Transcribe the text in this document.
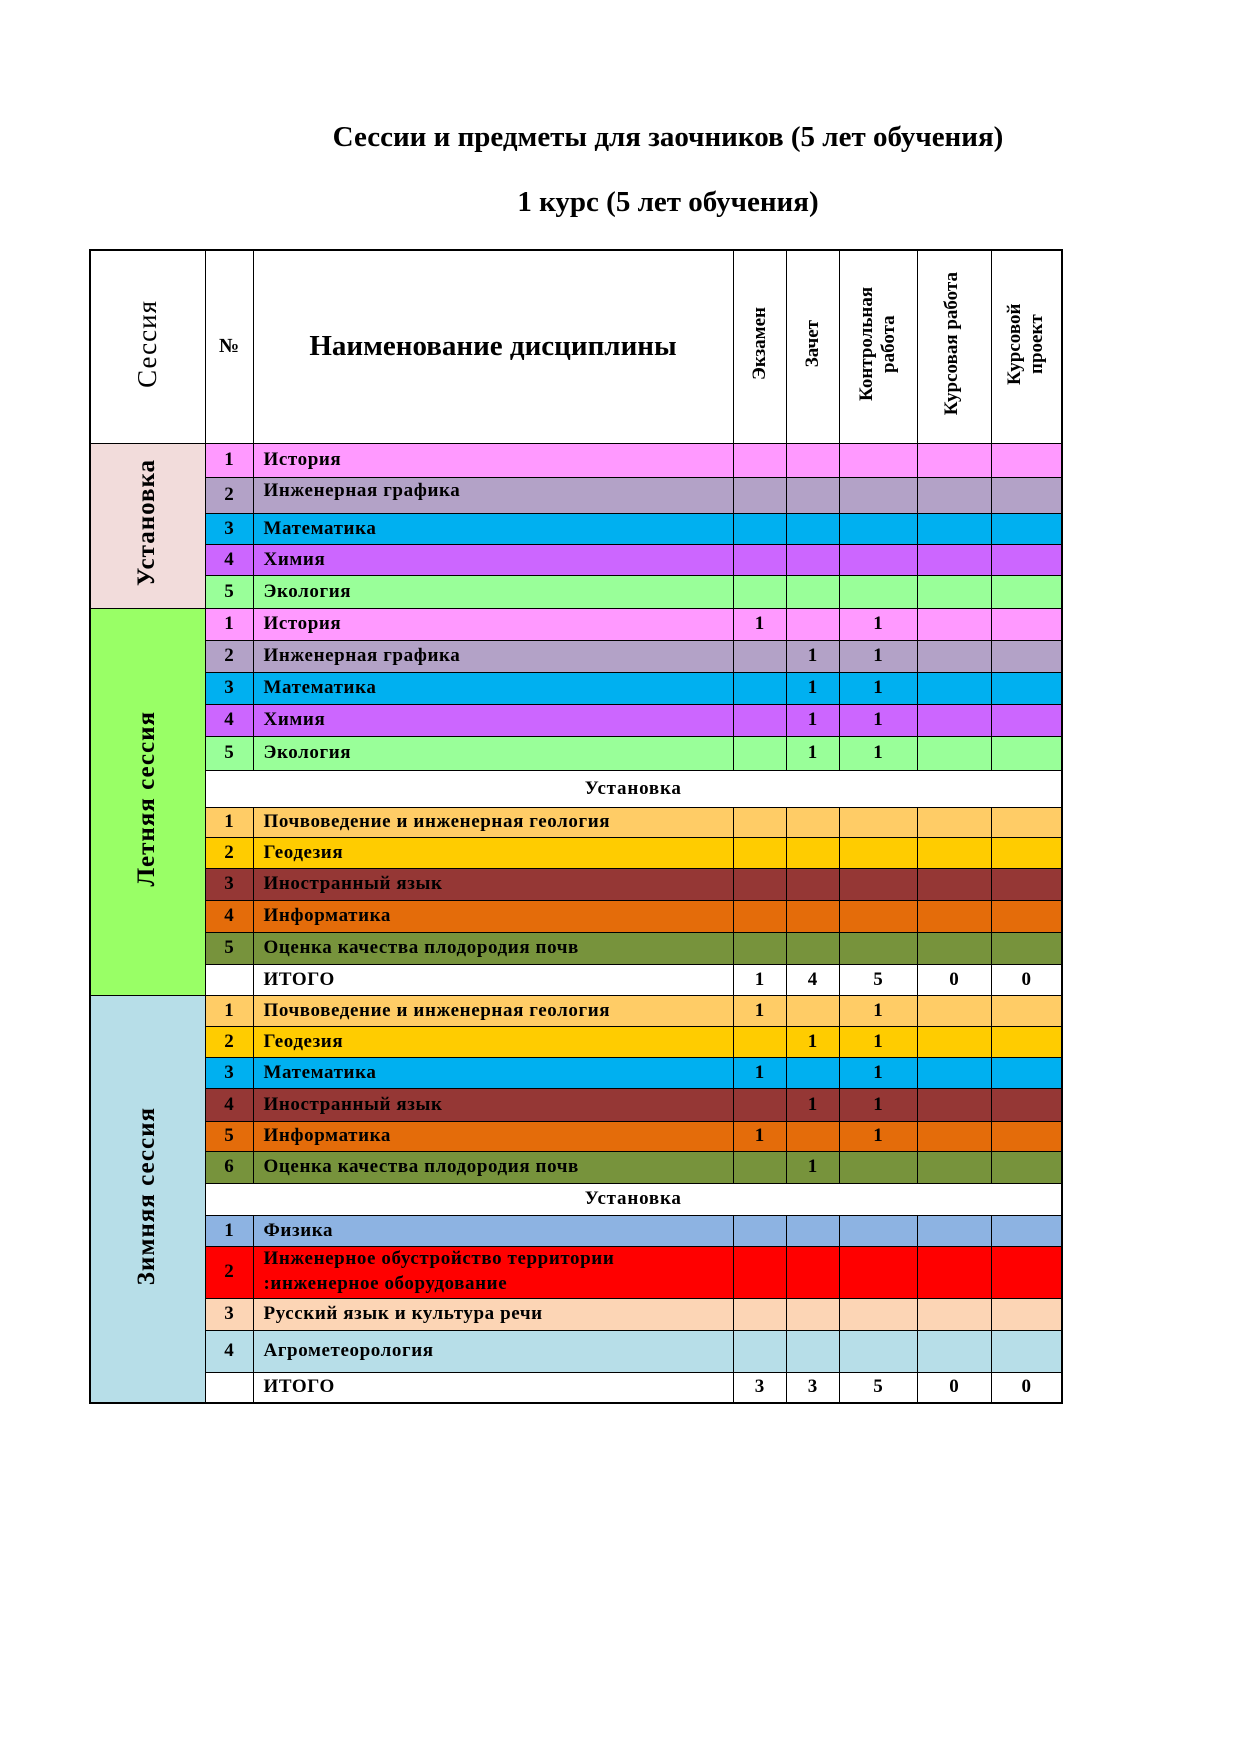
Сессии и предметы для заочников (5 лет обучения)
1 курс (5 лет обучения)
Сессия	№	Наименование дисциплины	Экзамен	Зачет	Контрольная работа	Курсовая работа	Курсовой проект
Установка	1	История					
	2	Инженерная графика					
	3	Математика					
	4	Химия					
	5	Экология					
Летняя сессия	1	История	1		1		
	2	Инженерная графика		1	1		
	3	Математика		1	1		
	4	Химия		1	1		
	5	Экология		1	1		
	Установка						
	1	Почвоведение и инженерная геология					
	2	Геодезия					
	3	Иностранный язык					
	4	Информатика					
	5	Оценка качества плодородия почв					
		ИТОГО	1	4	5	0	0
Зимняя сессия	1	Почвоведение и инженерная геология	1		1		
	2	Геодезия		1	1		
	3	Математика	1		1		
	4	Иностранный язык		1	1		
	5	Информатика	1		1		
	6	Оценка качества плодородия почв		1			
	Установка						
	1	Физика					
	2	Инженерное обустройство территории
:инженерное оборудование					

	3	Русский язык и культура речи					
	4	Агрометеорология					
		ИТОГО	3	3	5	0	0
